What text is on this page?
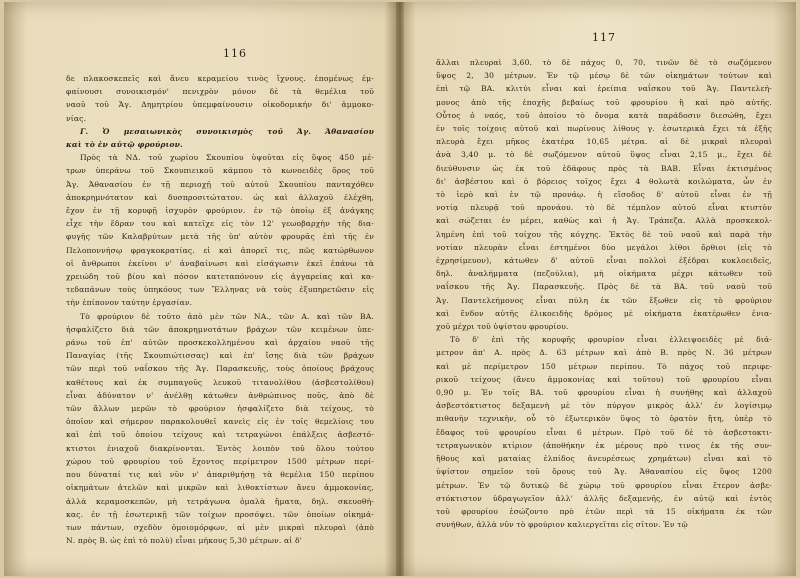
116
δε πλακοσκεπεῖς καὶ ἄνευ κεραμείου τινὸς ἴχνους. ἐπομένως ἐμ-
φαίνουσι συνοικισμόν' πενιχρὸν μόνον δὲ τὰ θεμέλια τοῦ
ναοῦ τοῦ Ἁγ. Δημητρίου ὑπεμφαίνουσιν οἰκοδομικήν δι' ἀμμοκο-
νίας.
Γ. Ὁ μεσαιωνικὸς συνοικισμὸς τοῦ Ἁγ. Ἀθανασίου
καὶ τὸ ἐν αὐτῷ φρούριον.
Πρὸς τὰ ΝΔ. τοῦ χωρίου Σκουπίου ὑψοῦται εἰς ὕψος 450 μέ-
τρων ὑπεράνω τοῦ Σκουπιεικοῦ κάμπου τὸ κωνοειδὲς ὄρος τοῦ
Ἁγ. Ἀθανασίου ἐν τῇ περιοχῇ τοῦ αὐτοῦ Σκουπίου πανταχόθεν
ἀποκρημνότατον καὶ δυσπροσιτώτατον. ὡς καὶ ἀλλαχοῦ ἐλέχθη,
ἔχον ἐν τῇ κορυφῇ ἰσχυρὸν φρούριον. ἐν τῷ ὁποίῳ ἐξ ἀνάγκης
εἶχε τὴν ἕδραν του καὶ κατεῖχε εἰς τὸν 12' γεωοβαρχὴν τῆς δια-
φυγῆς τῶν Καλαβρύτων μετὰ τῆς ὑπ' αὐτὸν φρουρᾶς ἐπὶ τῆς ἐν
Πελοποννήσῳ φραγκοκρατίας. εἰ καὶ ἀπορεῖ τις, πῶς κατώρθωνον
οἱ ἄνθρωποι ἐκεῖνοι ν' ἀναβαίνωσι καὶ εἰσάγωσιν ἐκεῖ ἐπάνω τὰ
χρειώδη τοῦ βίου καὶ πόσον κατεταπόνουν εἰς ἀγγαρείας καὶ κα-
τεδαπάνων τοὺς ὑπηκόους των Ἕλληνας νὰ τοὺς ἐξυπηρετῶσιν εἰς
τὴν ἐπίπονον ταύτην ἐργασίαν.
Τὸ φρούριον δὲ τοῦτο ἀπὸ μὲν τῶν ΝΑ., τῶν Α. καὶ τῶν ΒΑ.
ἠσφαλίζετο διὰ τῶν ἀποκρημνοτάτων βράχων τῶν κειμένων ὑπε-
ράνω τοῦ ἐπ' αὐτῶν προσκεκολλημένου καὶ ἀρχαίου ναοῦ τῆς
Παναγίας (τῆς Σκουπιώτισσας) καὶ ἐπ' ἴσης διὰ τῶν βράχων
τῶν περὶ τοῦ ναΐσκου τῆς Ἁγ. Παρασκευῆς, τοὺς ὁποίους βράχους
καθέτους καὶ ἐκ συμπαγοῦς λευκοῦ τιτανολίθου (ἀσβεστολίθου)
εἶναι ἀδύνατον ν' ἀνέλθῃ κάτωθεν ἀνθρώπινος ποῦς, ἀπὸ δὲ
τῶν ἄλλων μερῶν τὸ φρούριον ἠσφαλίζετο διὰ τείχους, τὸ
ὁποῖον καὶ σήμερον παρακολουθεῖ κανεὶς εἰς ἐν τοῖς θεμελίοις του
καὶ ἐπὶ τοῦ ὁποίου τείχους καὶ τετραγώνοι ἐπάλξεις ἀσβεστό-
κτιστοι ἐνιαχοῦ διακρίνονται. Ἐντὸς λοιπὸν τοῦ ὅλου τούτου
χώρου τοῦ φρουρίου τοῦ ἔχοντος περίμετρον 1500 μέτρων περί-
που δύναταί τις καὶ νῦν ν' ἀπαριθμήσῃ τὰ θεμέλια 150 περίπου
οἰκημάτων ἀτελῶν καὶ μικρῶν καὶ λιθοκτίστων ἄνευ ἀμμοκονίας,
ἀλλὰ κεραμοσκεπῶν, μὴ τετράγωνα ὁμαλὰ ἤματα, δηλ. σκευοθή-
κας. ἐν τῇ ἐσωτερικῇ τῶν τοίχων προσόψει. τῶν ὁποίων οἰκημά-
των πάντων, σχεδὸν ὁμοιομόρφων, αἱ μὲν μικραὶ πλευραὶ (ἀπὸ
Ν. πρὸς Β. ὡς ἐπὶ τὸ πολὺ) εἶναι μήκους 5,30 μέτρων. αἱ δ'
117
ἄλλαι πλευραὶ 3,60. τὸ δὲ πάχος 0, 70, τινῶν δὲ τὸ σωζόμενον
ὕψος 2, 30 μέτρων. Ἐν τῷ μέσῳ δὲ τῶν οἰκημάτων τούτων καὶ
ἐπὶ τῷ ΒΑ. κλιτύι εἶναι καὶ ἐρείπια ναΐσκου τοῦ Ἁγ. Παντελεή-
μονος ἀπὸ τῆς ἐποχῆς βεβαίως τοῦ φρουρίου ἢ καὶ πρὸ αὐτῆς.
Οὗτος ὁ ναός, τοῦ ὁποίου τὸ ὄνομα κατὰ παράδοσιν διεσώθη, ἔχει
ἐν τοῖς τοίχοις αὐτοῦ καὶ πωρίνους λίθους γ. ἐσωτερικὰ ἔχει τὰ ἐξῆς
πλευρὰ ἔχει μῆκος ἑκατέρα 10,65 μέτρα. αἱ δὲ μικραὶ πλευραὶ
ἀνὰ 3,40 μ. τὸ δὲ σωζόμενον αὐτοῦ ὕψος εἶναι 2,15 μ., ἔχει δὲ
διεύθυνσιν ὡς ἐκ τοῦ ἐδάφους πρὸς τὰ ΒΑΒ. Εἶναι ἐκτισμένος
δι' ἀσβέστου καὶ ὁ βόρειος τοῖχος ἔχει 4 θολωτὰ κοιλώματα, ὧν ἐν
τὸ ἱερὸ καὶ ἐν τῷ προνάῳ. ἡ εἴσοδος δ' αὐτοῦ εἶναι ἐν τῇ
νοτίᾳ πλευρᾷ τοῦ προνάου. τὸ δὲ τέμπλον αὐτοῦ εἶναι κτιστὸν
καὶ σώζεται ἐν μέρει, καθὼς καὶ ἡ Ἁγ. Τράπεζα. Αλλὰ προσκεκολ-
λημένη ἐπὶ τοῦ τοίχου τῆς κόγχης. Ἐκτὸς δὲ τοῦ ναοῦ καὶ παρὰ τὴν
νοτίαν πλευρὰν εἶναι ἐστημένοι δύο μεγάλοι λίθοι ὄρθιοι (εἰς τὸ
ἐχρησίμευον), κάτωθεν δ' αὐτοῦ εἶναι πολλοὶ ἐξέδραι κυκλοειδεῖς,
δηλ. ἀναλήμματα (πεζούλια), μὴ οἰκήματα μέχρι κάτωθεν τοῦ
ναΐσκου τῆς Ἁγ. Παρασκευῆς. Πρὸς δὲ τὰ ΒΑ. τοῦ ναοῦ τοῦ
Ἁγ. Παντελεήμονος εἶναι πύλη ἐκ τῶν ἔξωθεν εἰς τὸ φρούριον
καὶ ἔνδον αὐτῆς ἑλικοειδὴς δρόμος μὲ οἰκήματα ἑκατέρωθεν ἐνια-
χοῦ μέχρι τοῦ ὑψίστου φρουρίου.
Τὸ δ' ἐπὶ τῆς κορυφῆς φρουρίον εἶναι ἐλλειψοειδὲς μὲ διά-
μετρον ἀπ' Α. πρὸς Δ. 63 μέτρων καὶ ἀπὸ Β. πρὸς Ν. 36 μέτρων
καὶ μὲ περίμετρον 150 μέτρων περίπου. Τὸ πάχος τοῦ περιφε-
ρικοῦ τείχους (ἄνευ ἀμμοκονίας καὶ τοῦτου) τοῦ φρουρίου εἶναι
0,90 μ. Ἐν τοῖς ΒΑ. τοῦ φρουρίου εἶναι ἡ συνήθης καὶ ἀλλαχοῦ
ἀσβεστόκτιστος δεξαμενὴ μὲ τὸν πύργον μικρὸς ἀλλ' ἐν λογίσιμῳ
πιθανὴν τεχνικὴν, οὗ τὸ ἐξωτερικὸν ὕψος τὸ ὁρατὸν ἤτη, ὑπὲρ τὸ
ἔδαφος τοῦ φρουρίου εἶναι 6 μέτρων. Πρὸ τοῦ δὲ τὸ ἀσβεστοκτι-
τετραγωνικὸν κτίριον (ἀποθήκην ἐκ μέρους πρὸ τινος ἐκ τῆς συν-
ἤθους καὶ ματαίας ἐλπίδος ἀνευρέσεως χρημάτων) εἶναι καὶ τὸ
ὑψίστον σημεῖον τοῦ ὄρους τοῦ Ἁγ. Ἀθανασίου εἰς ὕψος 1200
μέτρων. Ἐν τῷ δυτικῷ δὲ χώρῳ τοῦ φρουρίου εἶναι ἕτερον ἀσβε-
στόκτιστον ὑδραγωγεῖον ἀλλ' ἀλλῆς δεξαμενῆς, ἐν αὐτῷ καὶ ἐντὸς
τοῦ φρουρίου ἐσώζοντο πρὸ ἐτῶν περὶ τὰ 15 οἰκήματα ἐκ τῶν
συνήθων, ἀλλὰ νῦν τὸ φρούριον καλιεργεῖται εἰς σῖτον. Ἐν τῷ
